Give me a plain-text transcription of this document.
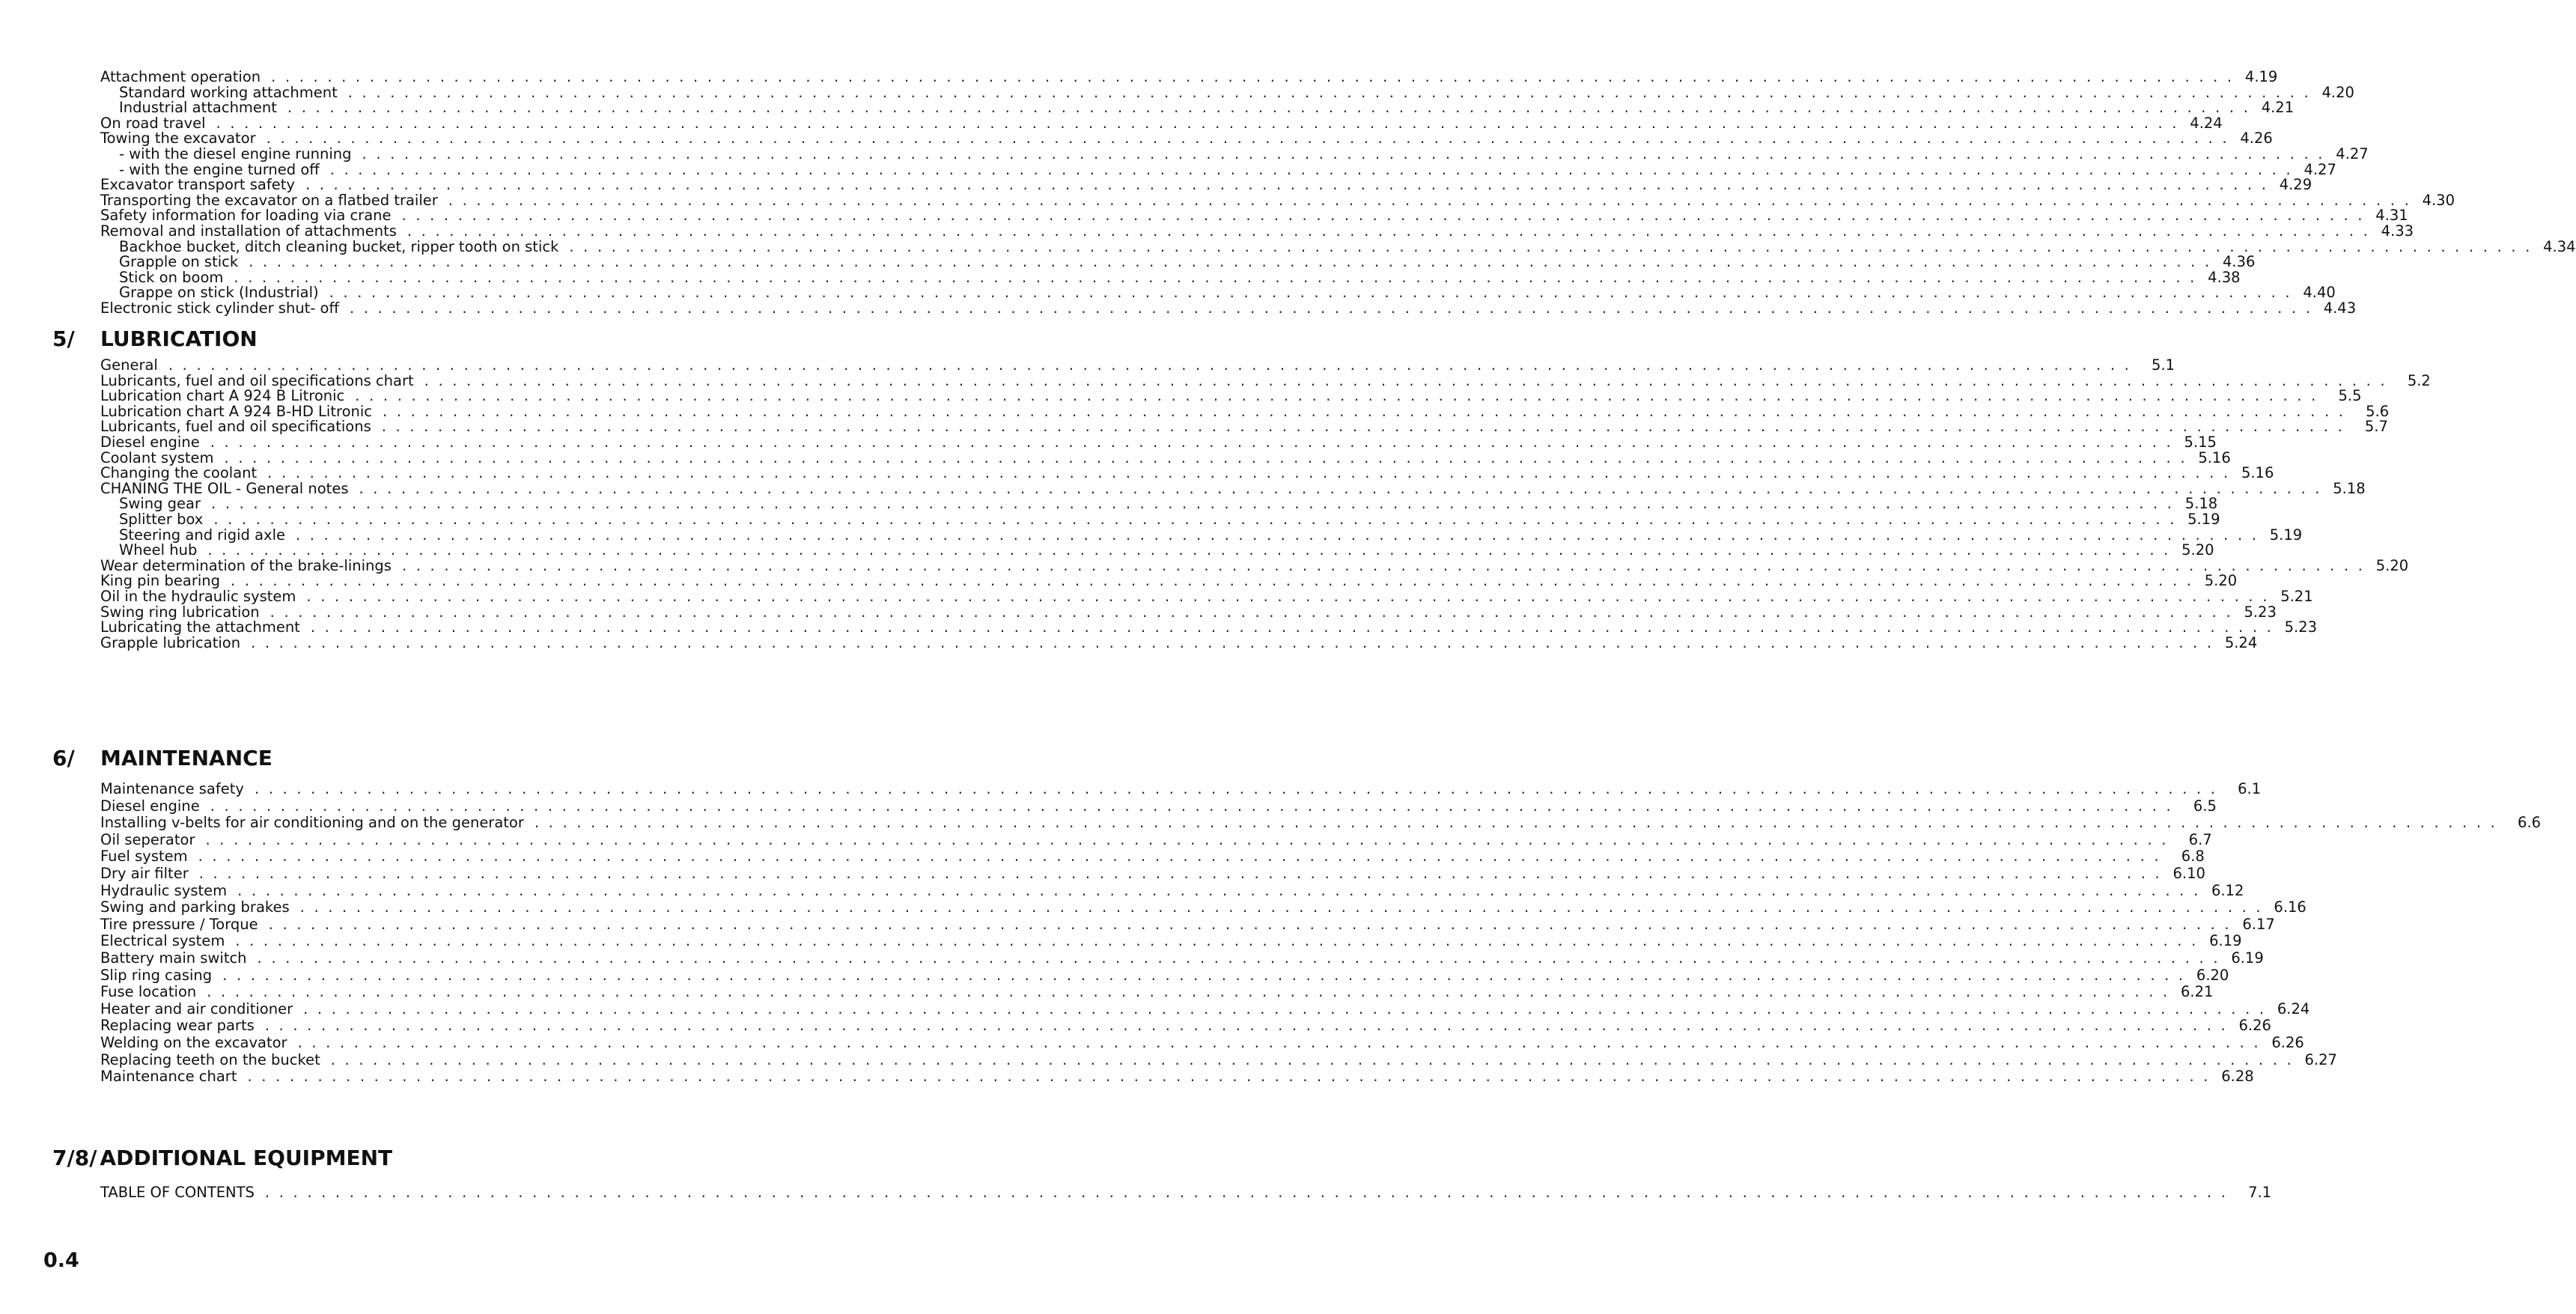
Attachment operation . . . . . . . . . . . . . . . . . . . . . . . . . . . . . . . . . . . . . . . . . . . . . . . . . . . . . . . . . . . . . . . . . . . . . . . . . . . . . . . . . . . . . . . . . . . . . . . . . . . . . . . . . . . . . . . . . . . . . . . . . . . . . . . . . . . . . . . . . . . . 4.19
Standard working attachment . . . . . . . . . . . . . . . . . . . . . . . . . . . . . . . . . . . . . . . . . . . . . . . . . . . . . . . . . . . . . . . . . . . . . . . . . . . . . . . . . . . . . . . . . . . . . . . . . . . . . . . . . . . . . . . . . . . . . . . . . . . . . . . . . . . . . . . . . . . . 4.20
Industrial attachment . . . . . . . . . . . . . . . . . . . . . . . . . . . . . . . . . . . . . . . . . . . . . . . . . . . . . . . . . . . . . . . . . . . . . . . . . . . . . . . . . . . . . . . . . . . . . . . . . . . . . . . . . . . . . . . . . . . . . . . . . . . . . . . . . . . . . . . . . . . . 4.21
On road travel . . . . . . . . . . . . . . . . . . . . . . . . . . . . . . . . . . . . . . . . . . . . . . . . . . . . . . . . . . . . . . . . . . . . . . . . . . . . . . . . . . . . . . . . . . . . . . . . . . . . . . . . . . . . . . . . . . . . . . . . . . . . . . . . . . . . . . . . . . . . 4.24
Towing the excavator . . . . . . . . . . . . . . . . . . . . . . . . . . . . . . . . . . . . . . . . . . . . . . . . . . . . . . . . . . . . . . . . . . . . . . . . . . . . . . . . . . . . . . . . . . . . . . . . . . . . . . . . . . . . . . . . . . . . . . . . . . . . . . . . . . . . . . . . . . . . 4.26
- with the diesel engine running . . . . . . . . . . . . . . . . . . . . . . . . . . . . . . . . . . . . . . . . . . . . . . . . . . . . . . . . . . . . . . . . . . . . . . . . . . . . . . . . . . . . . . . . . . . . . . . . . . . . . . . . . . . . . . . . . . . . . . . . . . . . . . . . . . . . . . . . . . . . 4.27
- with the engine turned off . . . . . . . . . . . . . . . . . . . . . . . . . . . . . . . . . . . . . . . . . . . . . . . . . . . . . . . . . . . . . . . . . . . . . . . . . . . . . . . . . . . . . . . . . . . . . . . . . . . . . . . . . . . . . . . . . . . . . . . . . . . . . . . . . . . . . . . . . . . . 4.27
Excavator transport safety . . . . . . . . . . . . . . . . . . . . . . . . . . . . . . . . . . . . . . . . . . . . . . . . . . . . . . . . . . . . . . . . . . . . . . . . . . . . . . . . . . . . . . . . . . . . . . . . . . . . . . . . . . . . . . . . . . . . . . . . . . . . . . . . . . . . . . . . . . . . 4.29
Transporting the excavator on a flatbed trailer . . . . . . . . . . . . . . . . . . . . . . . . . . . . . . . . . . . . . . . . . . . . . . . . . . . . . . . . . . . . . . . . . . . . . . . . . . . . . . . . . . . . . . . . . . . . . . . . . . . . . . . . . . . . . . . . . . . . . . . . . . . . . . . . . . . . . . . . . . . . 4.30
Safety information for loading via crane . . . . . . . . . . . . . . . . . . . . . . . . . . . . . . . . . . . . . . . . . . . . . . . . . . . . . . . . . . . . . . . . . . . . . . . . . . . . . . . . . . . . . . . . . . . . . . . . . . . . . . . . . . . . . . . . . . . . . . . . . . . . . . . . . . . . . . . . . . . . 4.31
Removal and installation of attachments . . . . . . . . . . . . . . . . . . . . . . . . . . . . . . . . . . . . . . . . . . . . . . . . . . . . . . . . . . . . . . . . . . . . . . . . . . . . . . . . . . . . . . . . . . . . . . . . . . . . . . . . . . . . . . . . . . . . . . . . . . . . . . . . . . . . . . . . . . . . 4.33
Backhoe bucket, ditch cleaning bucket, ripper tooth on stick . . . . . . . . . . . . . . . . . . . . . . . . . . . . . . . . . . . . . . . . . . . . . . . . . . . . . . . . . . . . . . . . . . . . . . . . . . . . . . . . . . . . . . . . . . . . . . . . . . . . . . . . . . . . . . . . . . . . . . . . . . . . . . . . . . . . . . . . . . . . 4.34
Grapple on stick . . . . . . . . . . . . . . . . . . . . . . . . . . . . . . . . . . . . . . . . . . . . . . . . . . . . . . . . . . . . . . . . . . . . . . . . . . . . . . . . . . . . . . . . . . . . . . . . . . . . . . . . . . . . . . . . . . . . . . . . . . . . . . . . . . . . . . . . . . . . 4.36
Stick on boom . . . . . . . . . . . . . . . . . . . . . . . . . . . . . . . . . . . . . . . . . . . . . . . . . . . . . . . . . . . . . . . . . . . . . . . . . . . . . . . . . . . . . . . . . . . . . . . . . . . . . . . . . . . . . . . . . . . . . . . . . . . . . . . . . . . . . . . . . . . . 4.38
Grappe on stick (Industrial) . . . . . . . . . . . . . . . . . . . . . . . . . . . . . . . . . . . . . . . . . . . . . . . . . . . . . . . . . . . . . . . . . . . . . . . . . . . . . . . . . . . . . . . . . . . . . . . . . . . . . . . . . . . . . . . . . . . . . . . . . . . . . . . . . . . . . . . . . . . . 4.40
Electronic stick cylinder shut- off . . . . . . . . . . . . . . . . . . . . . . . . . . . . . . . . . . . . . . . . . . . . . . . . . . . . . . . . . . . . . . . . . . . . . . . . . . . . . . . . . . . . . . . . . . . . . . . . . . . . . . . . . . . . . . . . . . . . . . . . . . . . . . . . . . . . . . . . . . . . 4.43
5/ LUBRICATION
General . . . . . . . . . . . . . . . . . . . . . . . . . . . . . . . . . . . . . . . . . . . . . . . . . . . . . . . . . . . . . . . . . . . . . . . . . . . . . . . . . . . . . . . . . . . . . . . . . . . . . . . . . . . . . . . . . . . . . . . . . . . . . . . . . . . . . . . . . . . .	5.1
Lubricants, fuel and oil specifications chart . . . . . . . . . . . . . . . . . . . . . . . . . . . . . . . . . . . . . . . . . . . . . . . . . . . . . . . . . . . . . . . . . . . . . . . . . . . . . . . . . . . . . . . . . . . . . . . . . . . . . . . . . . . . . . . . . . . . . . . . . . . . . . . . . . . . . . . . . . . .	5.2
Lubrication chart A 924 B Litronic . . . . . . . . . . . . . . . . . . . . . . . . . . . . . . . . . . . . . . . . . . . . . . . . . . . . . . . . . . . . . . . . . . . . . . . . . . . . . . . . . . . . . . . . . . . . . . . . . . . . . . . . . . . . . . . . . . . . . . . . . . . . . . . . . . . . . . . . . . . .	5.5
Lubrication chart A 924 B-HD Litronic . . . . . . . . . . . . . . . . . . . . . . . . . . . . . . . . . . . . . . . . . . . . . . . . . . . . . . . . . . . . . . . . . . . . . . . . . . . . . . . . . . . . . . . . . . . . . . . . . . . . . . . . . . . . . . . . . . . . . . . . . . . . . . . . . . . . . . . . . . . .	5.6
Lubricants, fuel and oil specifications . . . . . . . . . . . . . . . . . . . . . . . . . . . . . . . . . . . . . . . . . . . . . . . . . . . . . . . . . . . . . . . . . . . . . . . . . . . . . . . . . . . . . . . . . . . . . . . . . . . . . . . . . . . . . . . . . . . . . . . . . . . . . . . . . . . . . . . . . . . .	5.7
Diesel engine . . . . . . . . . . . . . . . . . . . . . . . . . . . . . . . . . . . . . . . . . . . . . . . . . . . . . . . . . . . . . . . . . . . . . . . . . . . . . . . . . . . . . . . . . . . . . . . . . . . . . . . . . . . . . . . . . . . . . . . . . . . . . . . . . . . . . . . . . . . . 5.15
Coolant system . . . . . . . . . . . . . . . . . . . . . . . . . . . . . . . . . . . . . . . . . . . . . . . . . . . . . . . . . . . . . . . . . . . . . . . . . . . . . . . . . . . . . . . . . . . . . . . . . . . . . . . . . . . . . . . . . . . . . . . . . . . . . . . . . . . . . . . . . . . . 5.16
Changing the coolant . . . . . . . . . . . . . . . . . . . . . . . . . . . . . . . . . . . . . . . . . . . . . . . . . . . . . . . . . . . . . . . . . . . . . . . . . . . . . . . . . . . . . . . . . . . . . . . . . . . . . . . . . . . . . . . . . . . . . . . . . . . . . . . . . . . . . . . . . . . . 5.16
CHANING THE OIL - General notes . . . . . . . . . . . . . . . . . . . . . . . . . . . . . . . . . . . . . . . . . . . . . . . . . . . . . . . . . . . . . . . . . . . . . . . . . . . . . . . . . . . . . . . . . . . . . . . . . . . . . . . . . . . . . . . . . . . . . . . . . . . . . . . . . . . . . . . . . . . . 5.18
Swing gear . . . . . . . . . . . . . . . . . . . . . . . . . . . . . . . . . . . . . . . . . . . . . . . . . . . . . . . . . . . . . . . . . . . . . . . . . . . . . . . . . . . . . . . . . . . . . . . . . . . . . . . . . . . . . . . . . . . . . . . . . . . . . . . . . . . . . . . . . . . . 5.18
Splitter box . . . . . . . . . . . . . . . . . . . . . . . . . . . . . . . . . . . . . . . . . . . . . . . . . . . . . . . . . . . . . . . . . . . . . . . . . . . . . . . . . . . . . . . . . . . . . . . . . . . . . . . . . . . . . . . . . . . . . . . . . . . . . . . . . . . . . . . . . . . . 5.19
Steering and rigid axle . . . . . . . . . . . . . . . . . . . . . . . . . . . . . . . . . . . . . . . . . . . . . . . . . . . . . . . . . . . . . . . . . . . . . . . . . . . . . . . . . . . . . . . . . . . . . . . . . . . . . . . . . . . . . . . . . . . . . . . . . . . . . . . . . . . . . . . . . . . . 5.19
Wheel hub . . . . . . . . . . . . . . . . . . . . . . . . . . . . . . . . . . . . . . . . . . . . . . . . . . . . . . . . . . . . . . . . . . . . . . . . . . . . . . . . . . . . . . . . . . . . . . . . . . . . . . . . . . . . . . . . . . . . . . . . . . . . . . . . . . . . . . . . . . . . 5.20
Wear determination of the brake-linings . . . . . . . . . . . . . . . . . . . . . . . . . . . . . . . . . . . . . . . . . . . . . . . . . . . . . . . . . . . . . . . . . . . . . . . . . . . . . . . . . . . . . . . . . . . . . . . . . . . . . . . . . . . . . . . . . . . . . . . . . . . . . . . . . . . . . . . . . . . . 5.20
King pin bearing . . . . . . . . . . . . . . . . . . . . . . . . . . . . . . . . . . . . . . . . . . . . . . . . . . . . . . . . . . . . . . . . . . . . . . . . . . . . . . . . . . . . . . . . . . . . . . . . . . . . . . . . . . . . . . . . . . . . . . . . . . . . . . . . . . . . . . . . . . . . 5.20
Oil in the hydraulic system . . . . . . . . . . . . . . . . . . . . . . . . . . . . . . . . . . . . . . . . . . . . . . . . . . . . . . . . . . . . . . . . . . . . . . . . . . . . . . . . . . . . . . . . . . . . . . . . . . . . . . . . . . . . . . . . . . . . . . . . . . . . . . . . . . . . . . . . . . . . 5.21
Swing ring lubrication . . . . . . . . . . . . . . . . . . . . . . . . . . . . . . . . . . . . . . . . . . . . . . . . . . . . . . . . . . . . . . . . . . . . . . . . . . . . . . . . . . . . . . . . . . . . . . . . . . . . . . . . . . . . . . . . . . . . . . . . . . . . . . . . . . . . . . . . . . . . 5.23
Lubricating the attachment . . . . . . . . . . . . . . . . . . . . . . . . . . . . . . . . . . . . . . . . . . . . . . . . . . . . . . . . . . . . . . . . . . . . . . . . . . . . . . . . . . . . . . . . . . . . . . . . . . . . . . . . . . . . . . . . . . . . . . . . . . . . . . . . . . . . . . . . . . . . 5.23
Grapple lubrication . . . . . . . . . . . . . . . . . . . . . . . . . . . . . . . . . . . . . . . . . . . . . . . . . . . . . . . . . . . . . . . . . . . . . . . . . . . . . . . . . . . . . . . . . . . . . . . . . . . . . . . . . . . . . . . . . . . . . . . . . . . . . . . . . . . . . . . . . . . . 5.24
6/ MAINTENANCE
Maintenance safety . . . . . . . . . . . . . . . . . . . . . . . . . . . . . . . . . . . . . . . . . . . . . . . . . . . . . . . . . . . . . . . . . . . . . . . . . . . . . . . . . . . . . . . . . . . . . . . . . . . . . . . . . . . . . . . . . . . . . . . . . . . . . . . . . . . . . . . . . . . .	6.1
Diesel engine . . . . . . . . . . . . . . . . . . . . . . . . . . . . . . . . . . . . . . . . . . . . . . . . . . . . . . . . . . . . . . . . . . . . . . . . . . . . . . . . . . . . . . . . . . . . . . . . . . . . . . . . . . . . . . . . . . . . . . . . . . . . . . . . . . . . . . . . . . . .	6.5
Installing v-belts for air conditioning and on the generator . . . . . . . . . . . . . . . . . . . . . . . . . . . . . . . . . . . . . . . . . . . . . . . . . . . . . . . . . . . . . . . . . . . . . . . . . . . . . . . . . . . . . . . . . . . . . . . . . . . . . . . . . . . . . . . . . . . . . . . . . . . . . . . . . . . . . . . . . . . .	6.6
Oil seperator . . . . . . . . . . . . . . . . . . . . . . . . . . . . . . . . . . . . . . . . . . . . . . . . . . . . . . . . . . . . . . . . . . . . . . . . . . . . . . . . . . . . . . . . . . . . . . . . . . . . . . . . . . . . . . . . . . . . . . . . . . . . . . . . . . . . . . . . . . . .	6.7
Fuel system . . . . . . . . . . . . . . . . . . . . . . . . . . . . . . . . . . . . . . . . . . . . . . . . . . . . . . . . . . . . . . . . . . . . . . . . . . . . . . . . . . . . . . . . . . . . . . . . . . . . . . . . . . . . . . . . . . . . . . . . . . . . . . . . . . . . . . . . . . . .	6.8
Dry air filter . . . . . . . . . . . . . . . . . . . . . . . . . . . . . . . . . . . . . . . . . . . . . . . . . . . . . . . . . . . . . . . . . . . . . . . . . . . . . . . . . . . . . . . . . . . . . . . . . . . . . . . . . . . . . . . . . . . . . . . . . . . . . . . . . . . . . . . . . . . . 6.10
Hydraulic system . . . . . . . . . . . . . . . . . . . . . . . . . . . . . . . . . . . . . . . . . . . . . . . . . . . . . . . . . . . . . . . . . . . . . . . . . . . . . . . . . . . . . . . . . . . . . . . . . . . . . . . . . . . . . . . . . . . . . . . . . . . . . . . . . . . . . . . . . . . . 6.12
Swing and parking brakes . . . . . . . . . . . . . . . . . . . . . . . . . . . . . . . . . . . . . . . . . . . . . . . . . . . . . . . . . . . . . . . . . . . . . . . . . . . . . . . . . . . . . . . . . . . . . . . . . . . . . . . . . . . . . . . . . . . . . . . . . . . . . . . . . . . . . . . . . . . . 6.16
Tire pressure / Torque . . . . . . . . . . . . . . . . . . . . . . . . . . . . . . . . . . . . . . . . . . . . . . . . . . . . . . . . . . . . . . . . . . . . . . . . . . . . . . . . . . . . . . . . . . . . . . . . . . . . . . . . . . . . . . . . . . . . . . . . . . . . . . . . . . . . . . . . . . . . 6.17
Electrical system . . . . . . . . . . . . . . . . . . . . . . . . . . . . . . . . . . . . . . . . . . . . . . . . . . . . . . . . . . . . . . . . . . . . . . . . . . . . . . . . . . . . . . . . . . . . . . . . . . . . . . . . . . . . . . . . . . . . . . . . . . . . . . . . . . . . . . . . . . . . 6.19
Battery main switch . . . . . . . . . . . . . . . . . . . . . . . . . . . . . . . . . . . . . . . . . . . . . . . . . . . . . . . . . . . . . . . . . . . . . . . . . . . . . . . . . . . . . . . . . . . . . . . . . . . . . . . . . . . . . . . . . . . . . . . . . . . . . . . . . . . . . . . . . . . . 6.19
Slip ring casing . . . . . . . . . . . . . . . . . . . . . . . . . . . . . . . . . . . . . . . . . . . . . . . . . . . . . . . . . . . . . . . . . . . . . . . . . . . . . . . . . . . . . . . . . . . . . . . . . . . . . . . . . . . . . . . . . . . . . . . . . . . . . . . . . . . . . . . . . . . . 6.20
Fuse location . . . . . . . . . . . . . . . . . . . . . . . . . . . . . . . . . . . . . . . . . . . . . . . . . . . . . . . . . . . . . . . . . . . . . . . . . . . . . . . . . . . . . . . . . . . . . . . . . . . . . . . . . . . . . . . . . . . . . . . . . . . . . . . . . . . . . . . . . . . . 6.21
Heater and air conditioner . . . . . . . . . . . . . . . . . . . . . . . . . . . . . . . . . . . . . . . . . . . . . . . . . . . . . . . . . . . . . . . . . . . . . . . . . . . . . . . . . . . . . . . . . . . . . . . . . . . . . . . . . . . . . . . . . . . . . . . . . . . . . . . . . . . . . . . . . . . . 6.24
Replacing wear parts . . . . . . . . . . . . . . . . . . . . . . . . . . . . . . . . . . . . . . . . . . . . . . . . . . . . . . . . . . . . . . . . . . . . . . . . . . . . . . . . . . . . . . . . . . . . . . . . . . . . . . . . . . . . . . . . . . . . . . . . . . . . . . . . . . . . . . . . . . . . 6.26
Welding on the excavator . . . . . . . . . . . . . . . . . . . . . . . . . . . . . . . . . . . . . . . . . . . . . . . . . . . . . . . . . . . . . . . . . . . . . . . . . . . . . . . . . . . . . . . . . . . . . . . . . . . . . . . . . . . . . . . . . . . . . . . . . . . . . . . . . . . . . . . . . . . . 6.26
Replacing teeth on the bucket . . . . . . . . . . . . . . . . . . . . . . . . . . . . . . . . . . . . . . . . . . . . . . . . . . . . . . . . . . . . . . . . . . . . . . . . . . . . . . . . . . . . . . . . . . . . . . . . . . . . . . . . . . . . . . . . . . . . . . . . . . . . . . . . . . . . . . . . . . . . 6.27
Maintenance chart . . . . . . . . . . . . . . . . . . . . . . . . . . . . . . . . . . . . . . . . . . . . . . . . . . . . . . . . . . . . . . . . . . . . . . . . . . . . . . . . . . . . . . . . . . . . . . . . . . . . . . . . . . . . . . . . . . . . . . . . . . . . . . . . . . . . . . . . . . . . 6.28
7/8/ ADDITIONAL EQUIPMENT
TABLE OF CONTENTS . . . . . . . . . . . . . . . . . . . . . . . . . . . . . . . . . . . . . . . . . . . . . . . . . . . . . . . . . . . . . . . . . . . . . . . . . . . . . . . . . . . . . . . . . . . . . . . . . . . . . . . . . . . . . . . . . . . . . . . . . . . . . . . . . . . . . . . . . . . .	7.1
0.4
